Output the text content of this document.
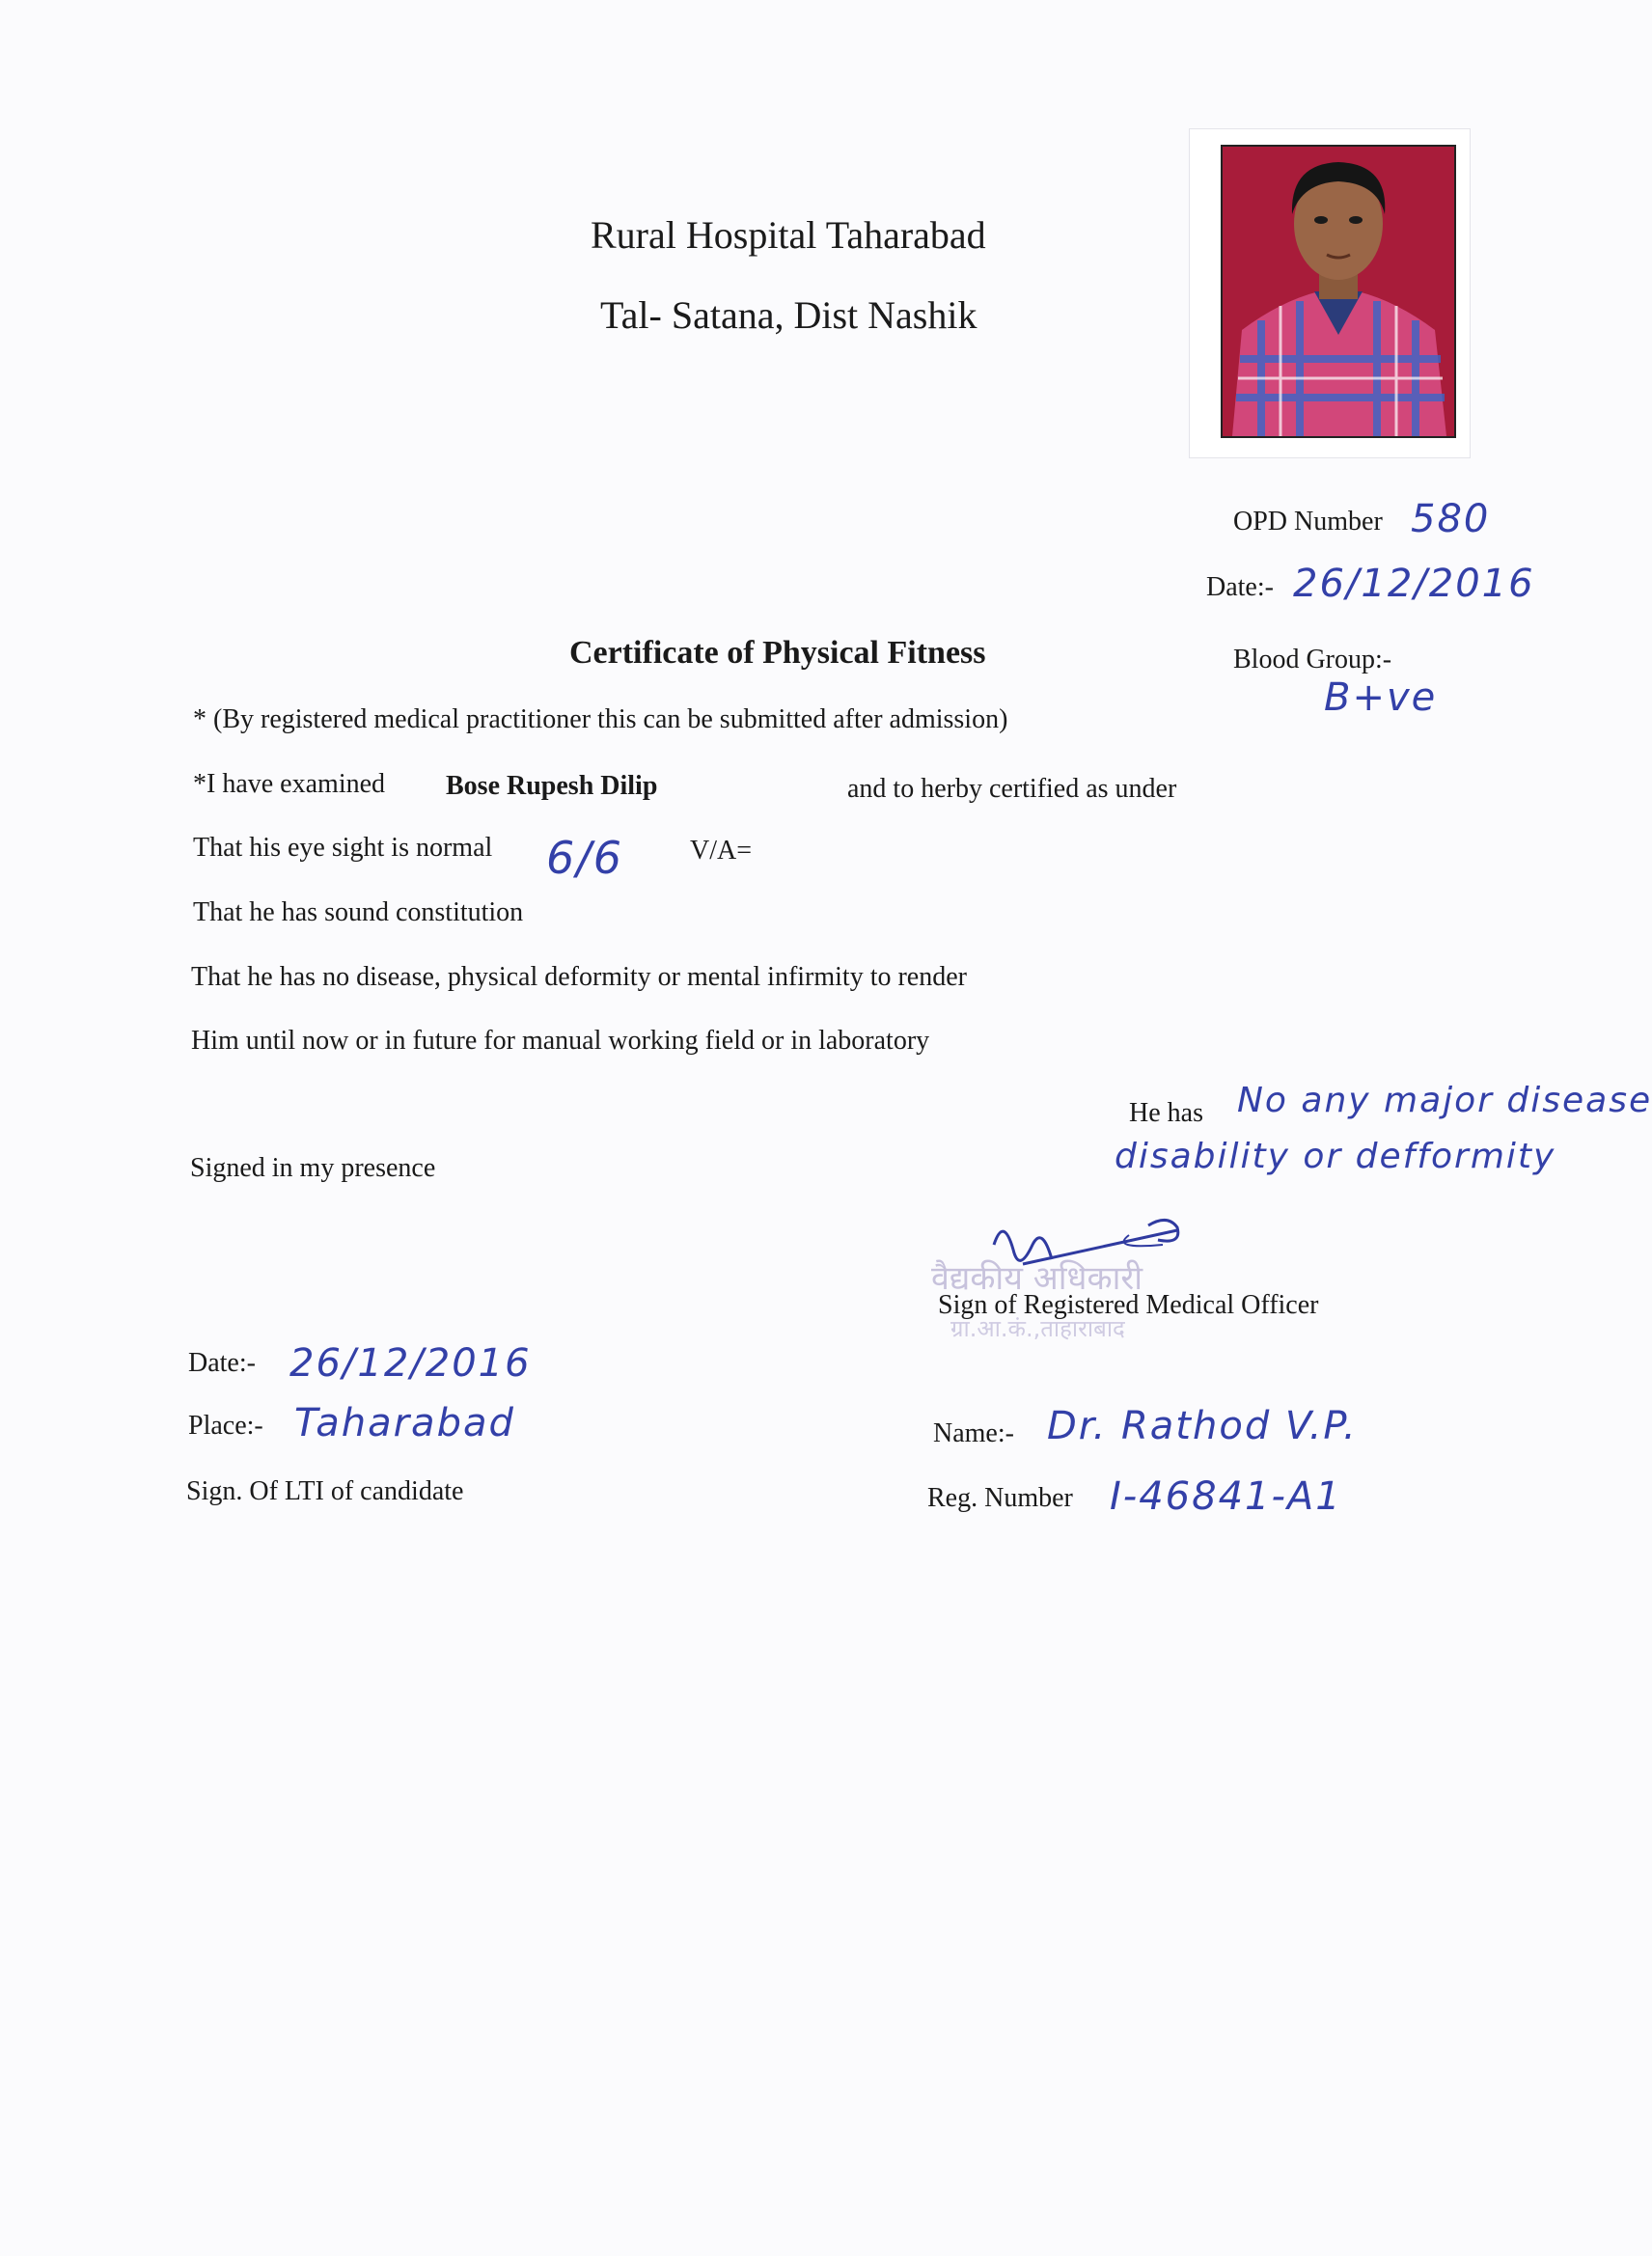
Rural Hospital Taharabad
Tal- Satana, Dist Nashik
OPD Number 580
Date:- 26/12/2016
Blood Group:-
B+ve
Certificate of Physical Fitness
* (By registered medical practitioner this can be submitted after admission)
*I have examined Bose Rupesh Dilip	and to herby certified as under
That his eye sight is normal 6/6 V/A=
That he has sound constitution
That he has no disease, physical deformity or mental infirmity to render
Him until now or in future for manual working field or in laboratory
He has No any major disease
disability or defformity
Signed in my presence
वैद्यकीय अधिकारी
ग्रा.आ.कं.,ताहाराबाद
Sign of Registered Medical Officer
Date:- 26/12/2016
Place:- Taharabad
Sign. Of LTI of candidate
Name:- Dr. Rathod V.P.
Reg. Number I-46841-A1
